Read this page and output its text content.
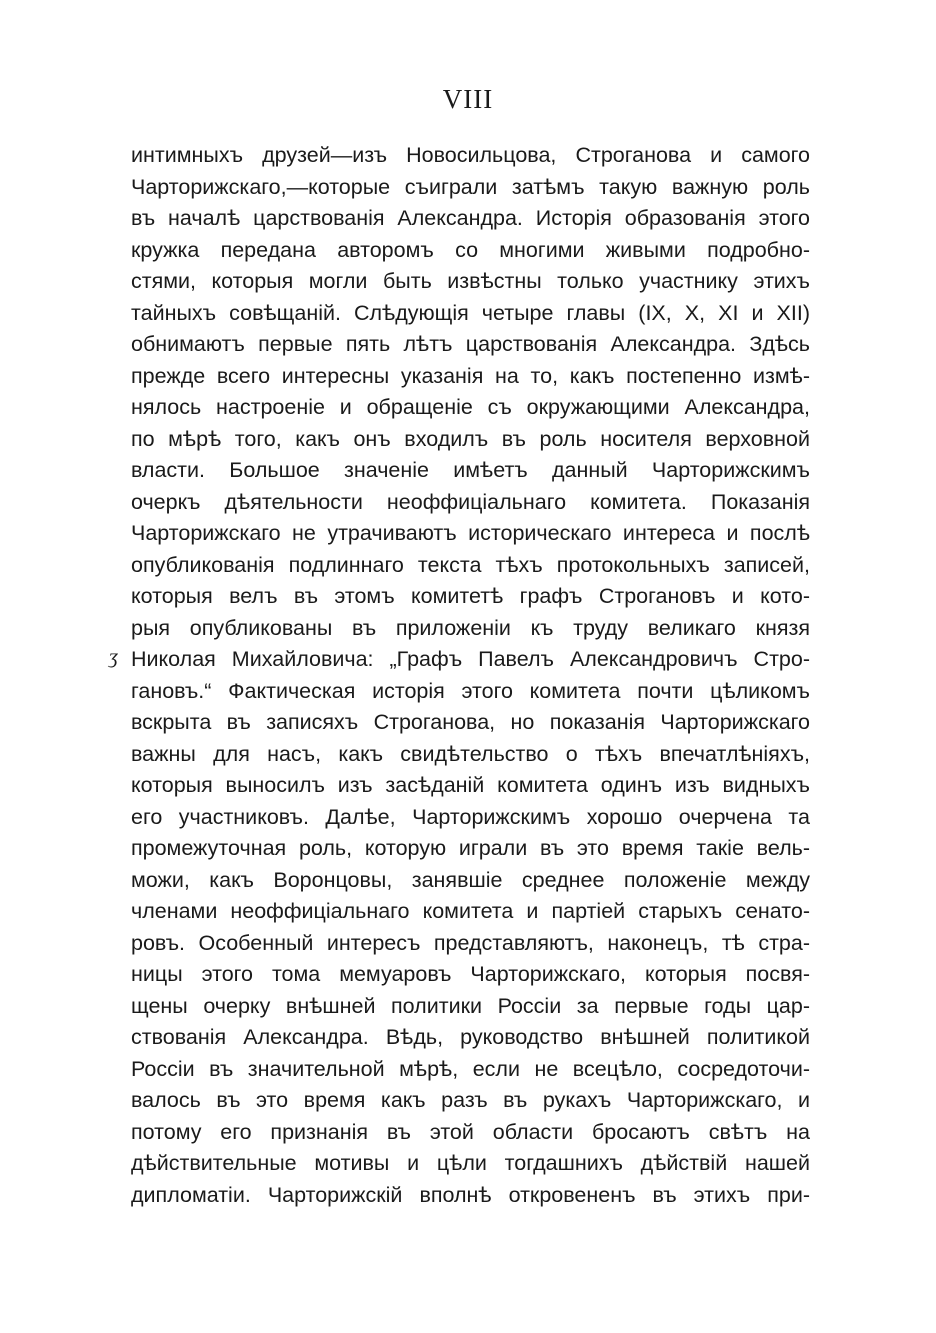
VIII
ʒ
интимныхъ друзей—изъ Новосильцова, Строганова и самого
Чарторижскаго,—которые съиграли затѣмъ такую важную роль
въ началѣ царствованія Александра. Исторія образованія этого
кружка передана авторомъ со многими живыми подробно-
стями, которыя могли быть извѣстны только участнику этихъ
тайныхъ совѣщаній. Слѣдующія четыре главы (IX, X, XI и XII)
обнимаютъ первые пять лѣтъ царствованія Александра. Здѣсь
прежде всего интересны указанія на то, какъ постепенно измѣ-
нялось настроеніе и обращеніе съ окружающими Александра,
по мѣрѣ того, какъ онъ входилъ въ роль носителя верховной
власти. Большое значеніе имѣетъ данный Чарторижскимъ
очеркъ дѣятельности неоффиціальнаго комитета. Показанія
Чарторижскаго не утрачиваютъ историческаго интереса и послѣ
опубликованія подлиннаго текста тѣхъ протокольныхъ записей,
которыя велъ въ этомъ комитетѣ графъ Строгановъ и кото-
рыя опубликованы въ приложеніи къ труду великаго князя
Николая Михайловича: „Графъ Павелъ Александровичъ Стро-
гановъ.“ Фактическая исторія этого комитета почти цѣликомъ
вскрыта въ записяхъ Строганова, но показанія Чарторижскаго
важны для насъ, какъ свидѣтельство о тѣхъ впечатлѣніяхъ,
которыя выносилъ изъ засѣданій комитета одинъ изъ видныхъ
его участниковъ. Далѣе, Чарторижскимъ хорошо очерчена та
промежуточная роль, которую играли въ это время такіе вель-
можи, какъ Воронцовы, занявшіе среднее положеніе между
членами неоффиціальнаго комитета и партіей старыхъ сенато-
ровъ. Особенный интересъ представляютъ, наконецъ, тѣ стра-
ницы этого тома мемуаровъ Чарторижскаго, которыя посвя-
щены очерку внѣшней политики Россіи за первые годы цар-
ствованія Александра. Вѣдь, руководство внѣшней политикой
Россіи въ значительной мѣрѣ, если не всецѣло, сосредоточи-
валось въ это время какъ разъ въ рукахъ Чарторижскаго, и
потому его признанія въ этой области бросаютъ свѣтъ на
дѣйствительные мотивы и цѣли тогдашнихъ дѣйствій нашей
дипломатіи. Чарторижскій вполнѣ откровененъ въ этихъ при-
